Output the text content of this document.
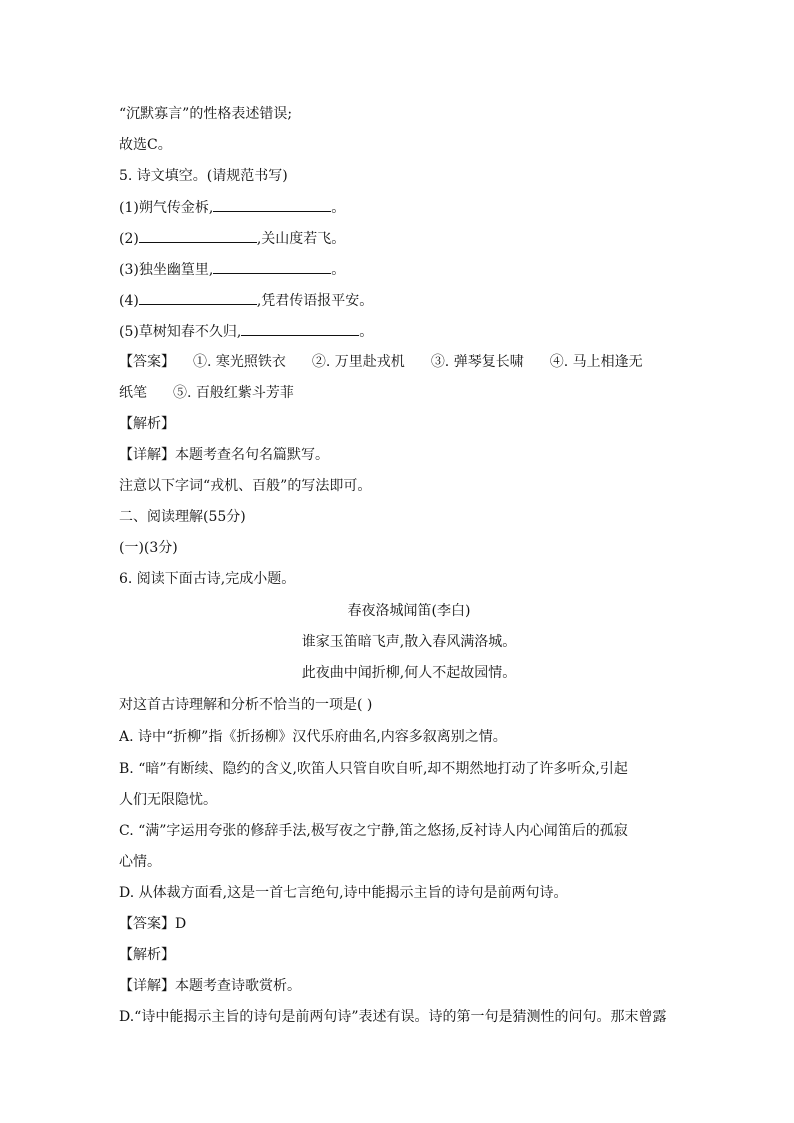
“沉默寡言”的性格表述错误;
故选C。
5. 诗文填空。(请规范书写)
(1)朔气传金柝,	。
(2)	,关山度若飞。
(3)独坐幽篁里,	。
(4)	,凭君传语报平安。
(5)草树知春不久归,	。
【答案】 ①. 寒光照铁衣 ②. 万里赴戎机 ③. 弹琴复长啸 ④. 马上相逢无
纸笔 ⑤. 百般红紫斗芳菲
【解析】
【详解】本题考查名句名篇默写。
注意以下字词“戎机、百般”的写法即可。
二、阅读理解(55分)
(一)(3分)
6. 阅读下面古诗,完成小题。
春夜洛城闻笛(李白)
谁家玉笛暗飞声,散入春风满洛城。
此夜曲中闻折柳,何人不起故园情。
对这首古诗理解和分析不恰当的一项是( )
A. 诗中“折柳”指《折扬柳》汉代乐府曲名,内容多叙离别之情。
B. “暗”有断续、隐约的含义,吹笛人只管自吹自听,却不期然地打动了许多听众,引起
人们无限隐忧。
C. “满”字运用夸张的修辞手法,极写夜之宁静,笛之悠扬,反衬诗人内心闻笛后的孤寂
心情。
D. 从体裁方面看,这是一首七言绝句,诗中能揭示主旨的诗句是前两句诗。
【答案】D
【解析】
【详解】本题考查诗歌赏析。
D.“诗中能揭示主旨的诗句是前两句诗”表述有误。诗的第一句是猜测性的问句。那末曾露
